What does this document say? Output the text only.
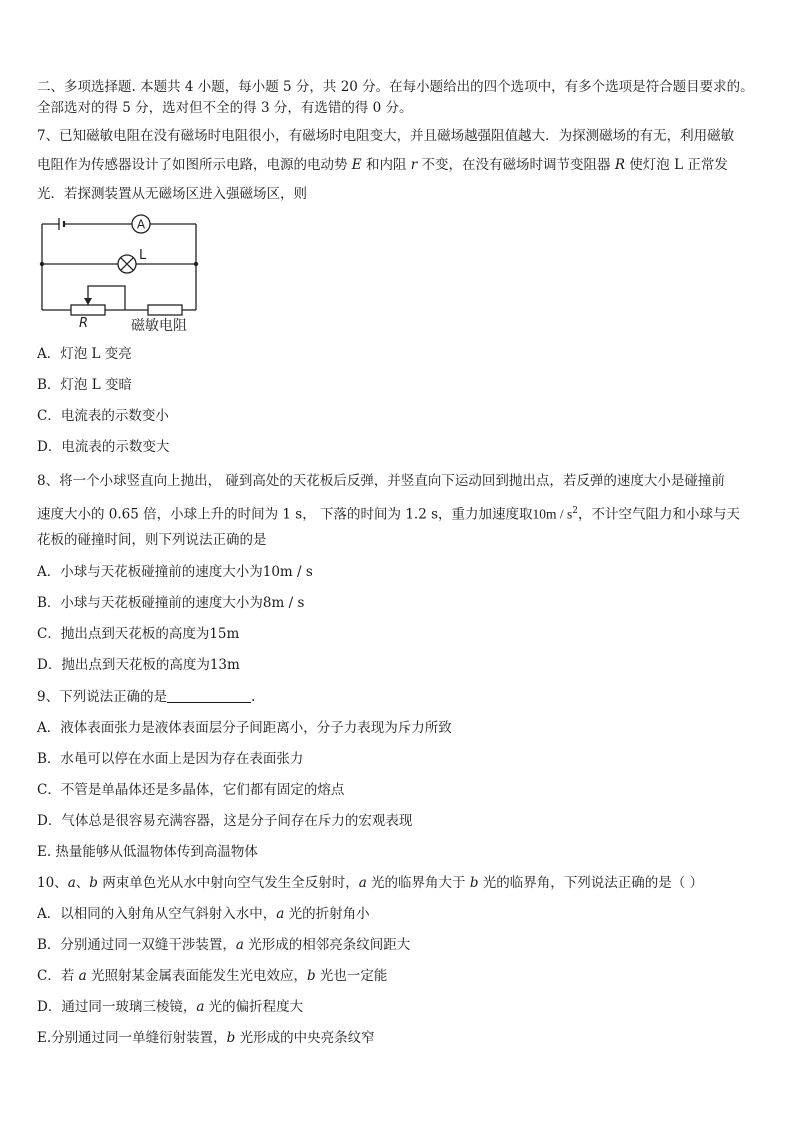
二、多项选择题. 本题共 4 小题，每小题 5 分，共 20 分。在每小题给出的四个选项中，有多个选项是符合题目要求的。
全部选对的得 5 分，选对但不全的得 3 分，有选错的得 0 分。
7、已知磁敏电阻在没有磁场时电阻很小，有磁场时电阻变大，并且磁场越强阻值越大．为探测磁场的有无，利用磁敏
电阻作为传感器设计了如图所示电路，电源的电动势 E 和内阻 r 不变，在没有磁场时调节变阻器 R 使灯泡 L 正常发
光．若探测装置从无磁场区进入强磁场区，则
A
L
R	磁敏电阻
A．灯泡 L 变亮
B．灯泡 L 变暗
C．电流表的示数变小
D．电流表的示数变大
8、将一个小球竖直向上抛出， 碰到高处的天花板后反弹，并竖直向下运动回到抛出点，若反弹的速度大小是碰撞前
速度大小的 0.65 倍，小球上升的时间为 1 s， 下落的时间为 1.2 s，重力加速度取$10m / s^2$，不计空气阻力和小球与天
花板的碰撞时间，则下列说法正确的是
A．小球与天花板碰撞前的速度大小为10m / s
B．小球与天花板碰撞前的速度大小为8m / s
C．抛出点到天花板的高度为15m
D．抛出点到天花板的高度为13m
9、下列说法正确的是	.
A．液体表面张力是液体表面层分子间距离小，分子力表现为斥力所致
B．水黾可以停在水面上是因为存在表面张力
C．不管是单晶体还是多晶体，它们都有固定的熔点
D．气体总是很容易充满容器，这是分子间存在斥力的宏观表现
E. 热量能够从低温物体传到高温物体
10、a、b 两束单色光从水中射向空气发生全反射时，a 光的临界角大于 b 光的临界角，下列说法正确的是（ ）
A．以相同的入射角从空气斜射入水中，a 光的折射角小
B．分别通过同一双缝干涉装置，a 光形成的相邻亮条纹间距大
C．若 a 光照射某金属表面能发生光电效应，b 光也一定能
D．通过同一玻璃三棱镜，a 光的偏折程度大
E.分别通过同一单缝衍射装置，b 光形成的中央亮条纹窄
